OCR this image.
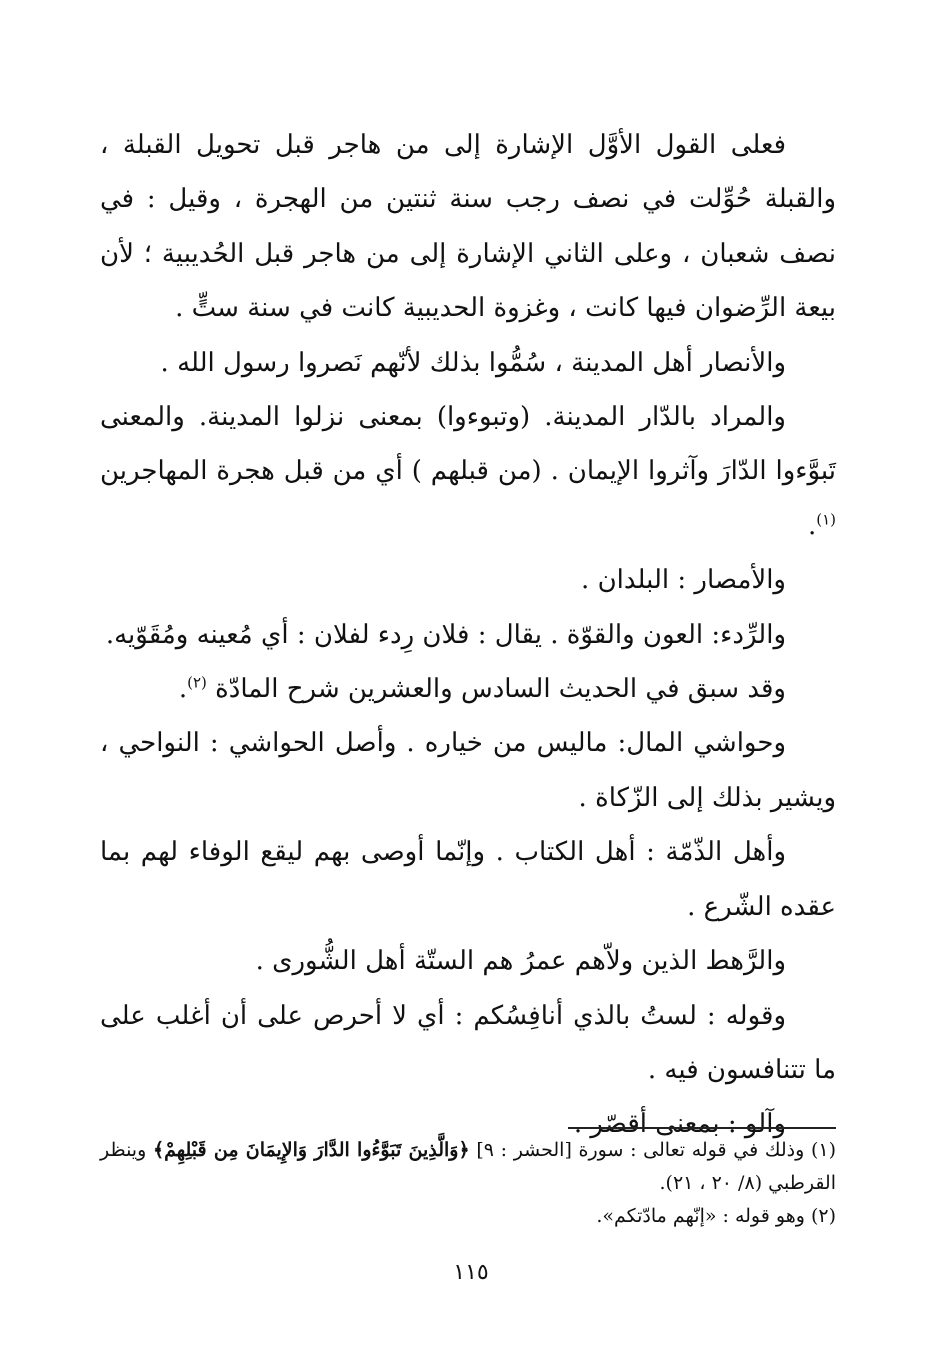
فعلى القول الأوَّل الإشارة إلى من هاجر قبل تحويل القبلة ، والقبلة حُوِّلت في نصف رجب سنة ثنتين من الهجرة ، وقيل : في نصف شعبان ، وعلى الثاني الإشارة إلى من هاجر قبل الحُديبية ؛ لأن بيعة الرِّضوان فيها كانت ، وغزوة الحديبية كانت في سنة ستٍّ .

والأنصار أهل المدينة ، سُمُّوا بذلك لأنّهم نَصروا رسول الله .

والمراد بالدّار المدينة. (وتبوءوا) بمعنى نزلوا المدينة. والمعنى تَبوَّءوا الدّارَ وآثروا الإيمان . (من قبلهم ) أي من قبل هجرة المهاجرين $^{(١)}$.

والأمصار : البلدان .

والرِّدء: العون والقوّة . يقال : فلان رِدء لفلان : أي مُعينه ومُقَوّيه.

وقد سبق في الحديث السادس والعشرين شرح المادّة $^{(٢)}$.

وحواشي المال: ماليس من خياره . وأصل الحواشي : النواحي ، ويشير بذلك إلى الزّكاة .

وأهل الذّمّة : أهل الكتاب . وإنّما أوصى بهم ليقع الوفاء لهم بما عقده الشّرع .

والرَّهط الذين ولاّهم عمرُ هم الستّة أهل الشُّورى .

وقوله : لستُ بالذي أنافِسُكم : أي لا أحرص على أن أغلب على ما تتنافسون فيه .

وآلو : بمعنى أقصّر .

(١) وذلك في قوله تعالى : سورة [الحشر : ٩] ﴿وَالَّذِينَ تَبَوَّءُوا الدَّارَ وَالإِيمَانَ مِن قَبْلِهِمْ﴾ وينظر القرطبي (٨/ ٢٠ ، ٢١).

(٢) وهو قوله : «إنّهم مادّتكم».

١١٥
